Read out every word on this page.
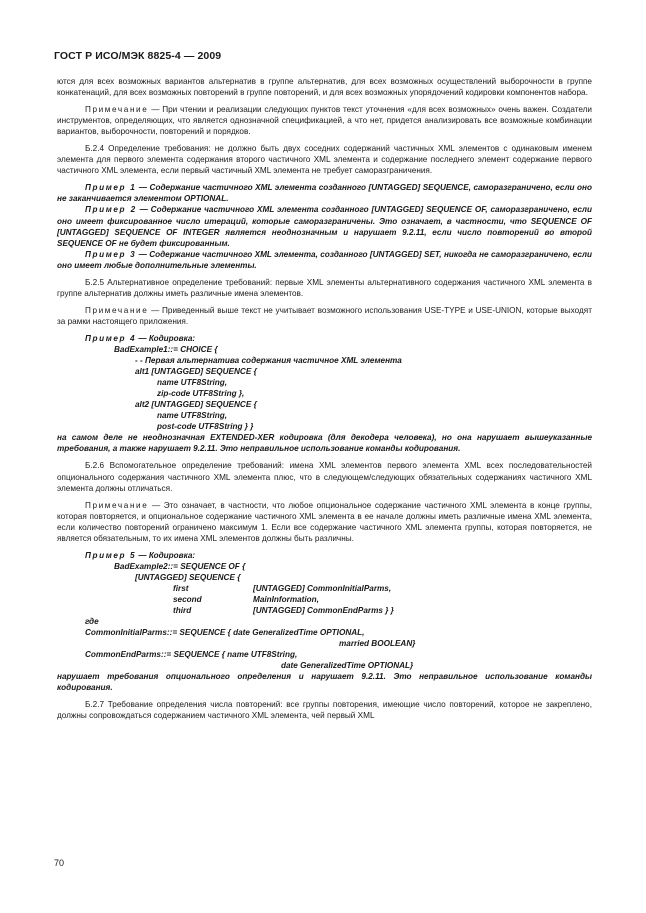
ГОСТ Р ИСО/МЭК 8825-4 — 2009

ются для всех возможных вариантов альтернатив в группе альтернатив, для всех возможных осуществлений выборочности в группе конкатенаций, для всех возможных повторений в группе повторений, и для всех возможных упорядочений кодировки компонентов набора.

Примечание — При чтении и реализации следующих пунктов текст уточнения «для всех возможных» очень важен. Создатели инструментов, определяющих, что является однозначной спецификацией, а что нет, придется анализировать все возможные комбинации вариантов, выборочности, повторений и порядков.

Б.2.4 Определение требования: не должно быть двух соседних содержаний частичных XML элементов с одинаковым именем элемента для первого элемента содержания второго частичного XML элемента и содержание последнего элемент содержание первого частичного XML элемента, если первый частичный XML элемента не требует саморазграничения.

Пример 1 — Содержание частичного XML элемента созданного [UNTAGGED] SEQUENCE, саморазграничено, если оно не заканчивается элементом OPTIONAL.

Пример 2 — Содержание частичного XML элемента созданного [UNTAGGED] SEQUENCE OF, саморазграничено, если оно имеет фиксированное число итераций, которые саморазграничены. Это означает, в частности, что SEQUENCE OF [UNTAGGED] SEQUENCE OF INTEGER является неоднозначным и нарушает 9.2.11, если число повторений во второй SEQUENCE OF не будет фиксированным.

Пример 3 — Содержание частичного XML элемента, созданного [UNTAGGED] SET, никогда не саморазграничено, если оно имеет любые дополнительные элементы.

Б.2.5 Альтернативное определение требований: первые XML элементы альтернативного содержания частичного XML элемента в группе альтернатив должны иметь различные имена элементов.

Примечание — Приведенный выше текст не учитывает возможного использования USE-TYPE и USE-UNION, которые выходят за рамки настоящего приложения.

Пример 4 — Кодировка:

BadExample1::= CHOICE {
- - Первая альтернатива содержания частичное XML элемента
alt1 [UNTAGGED] SEQUENCE {
name UTF8String,
zip-code UTF8String },
alt2 [UNTAGGED] SEQUENCE {
name UTF8String,
post-code UTF8String } }

на самом деле не неоднозначная EXTENDED-XER кодировка (для декодера человека), но она нарушает вышеуказанные требования, а также нарушает 9.2.11. Это неправильное использование команды кодирования.

Б.2.6 Вспомогательное определение требований: имена XML элементов первого элемента XML всех последовательностей опционального содержания частичного XML элемента плюс, что в следующем/следующих обязательных содержаниях частичного XML элемента должны отличаться.

Примечание — Это означает, в частности, что любое опциональное содержание частичного XML элемента в конце группы, которая повторяется, и опциональное содержание частичного XML элемента в ее начале должны иметь различные имена XML элемента, если количество повторений ограничено максимум 1. Если все содержание частичного XML элемента группы, которая повторяется, не является обязательным, то их имена XML элементов должны быть различны.

Пример 5 — Кодировка:

BadExample2::= SEQUENCE OF {
[UNTAGGED] SEQUENCE {
first	[UNTAGGED] CommonInitialParms,
second	MainInformation,
third	[UNTAGGED] CommonEndParms } }
где
CommonInitialParms::= SEQUENCE { date GeneralizedTime OPTIONAL,
married BOOLEAN}
CommonEndParms::= SEQUENCE { name UTF8String,
date GeneralizedTime OPTIONAL}

нарушает требования опционального определения и нарушает 9.2.11. Это неправильное использование команды кодирования.

Б.2.7 Требование определения числа повторений: все группы повторения, имеющие число повторений, которое не закреплено, должны сопровождаться содержанием частичного XML элемента, чей первый XML

70
